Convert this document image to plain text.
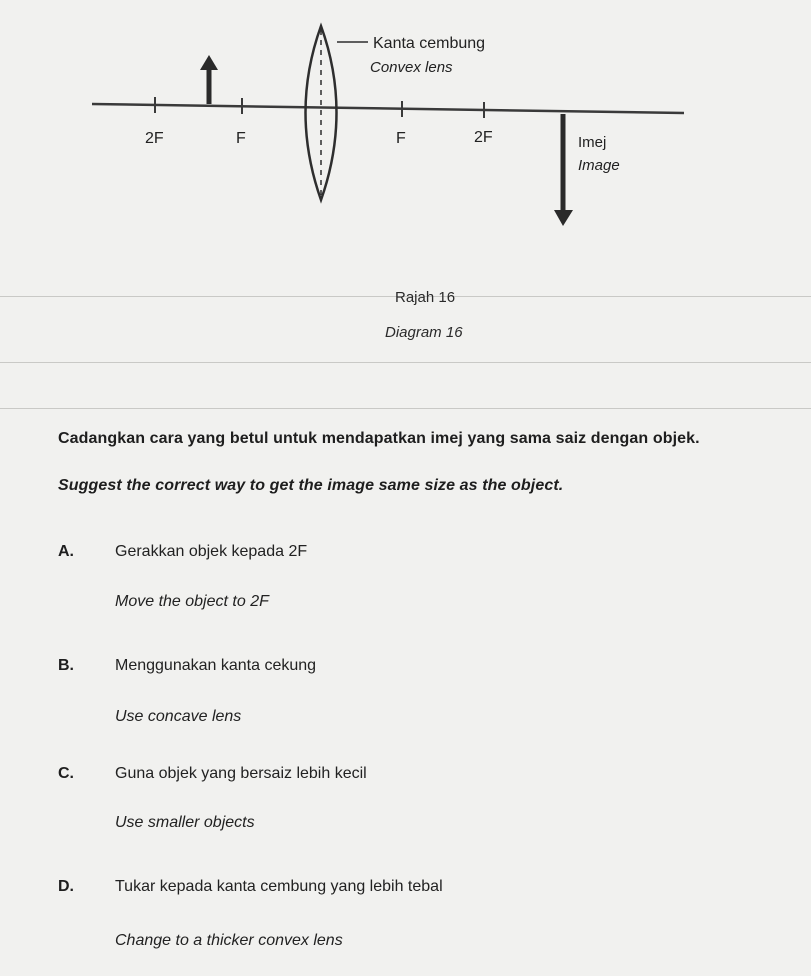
Kanta cembung
Convex lens
2F	F	F	2F	Imej
Image
Rajah 16
Diagram 16
Cadangkan cara yang betul untuk mendapatkan imej yang sama saiz dengan objek.
Suggest the correct way to get the image same size as the object.
A.	Gerakkan objek kepada 2F
Move the object to 2F
B.	Menggunakan kanta cekung
Use concave lens
C.	Guna objek yang bersaiz lebih kecil
Use smaller objects
D.	Tukar kepada kanta cembung yang lebih tebal
Change to a thicker convex lens
